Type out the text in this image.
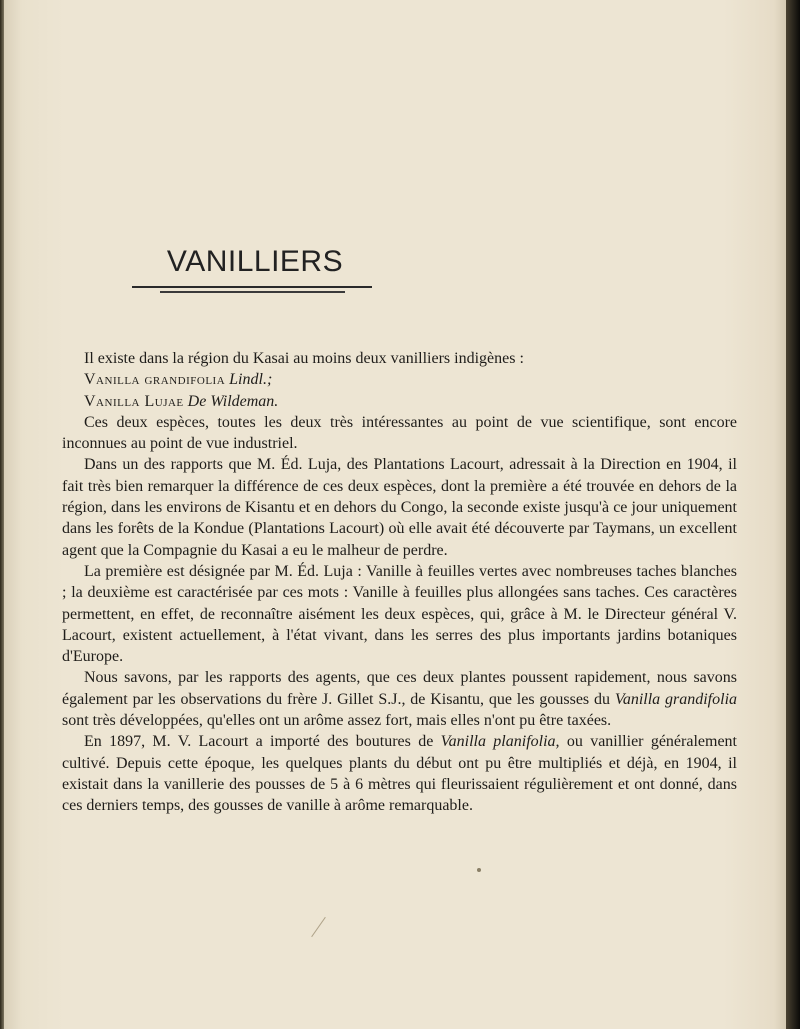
VANILLIERS

Il existe dans la région du Kasai au moins deux vanilliers indigènes :

Vanilla grandifolia Lindl.;

Vanilla Lujae De Wildeman.

Ces deux espèces, toutes les deux très intéressantes au point de vue scientifique, sont encore inconnues au point de vue industriel.

Dans un des rapports que M. Éd. Luja, des Plantations Lacourt, adressait à la Direction en 1904, il fait très bien remarquer la différence de ces deux espèces, dont la première a été trouvée en dehors de la région, dans les environs de Kisantu et en dehors du Congo, la seconde existe jusqu'à ce jour uniquement dans les forêts de la Kondue (Plantations Lacourt) où elle avait été découverte par Taymans, un excellent agent que la Compagnie du Kasai a eu le malheur de perdre.

La première est désignée par M. Éd. Luja : Vanille à feuilles vertes avec nombreuses taches blanches ; la deuxième est caractérisée par ces mots : Vanille à feuilles plus allongées sans taches. Ces caractères permettent, en effet, de reconnaître aisément les deux espèces, qui, grâce à M. le Directeur général V. Lacourt, existent actuellement, à l'état vivant, dans les serres des plus importants jardins botaniques d'Europe.

Nous savons, par les rapports des agents, que ces deux plantes poussent rapidement, nous savons également par les observations du frère J. Gillet S.J., de Kisantu, que les gousses du Vanilla grandifolia sont très développées, qu'elles ont un arôme assez fort, mais elles n'ont pu être taxées.

En 1897, M. V. Lacourt a importé des boutures de Vanilla planifolia, ou vanillier généralement cultivé. Depuis cette époque, les quelques plants du début ont pu être multipliés et déjà, en 1904, il existait dans la vanillerie des pousses de 5 à 6 mètres qui fleurissaient régulièrement et ont donné, dans ces derniers temps, des gousses de vanille à arôme remarquable.
